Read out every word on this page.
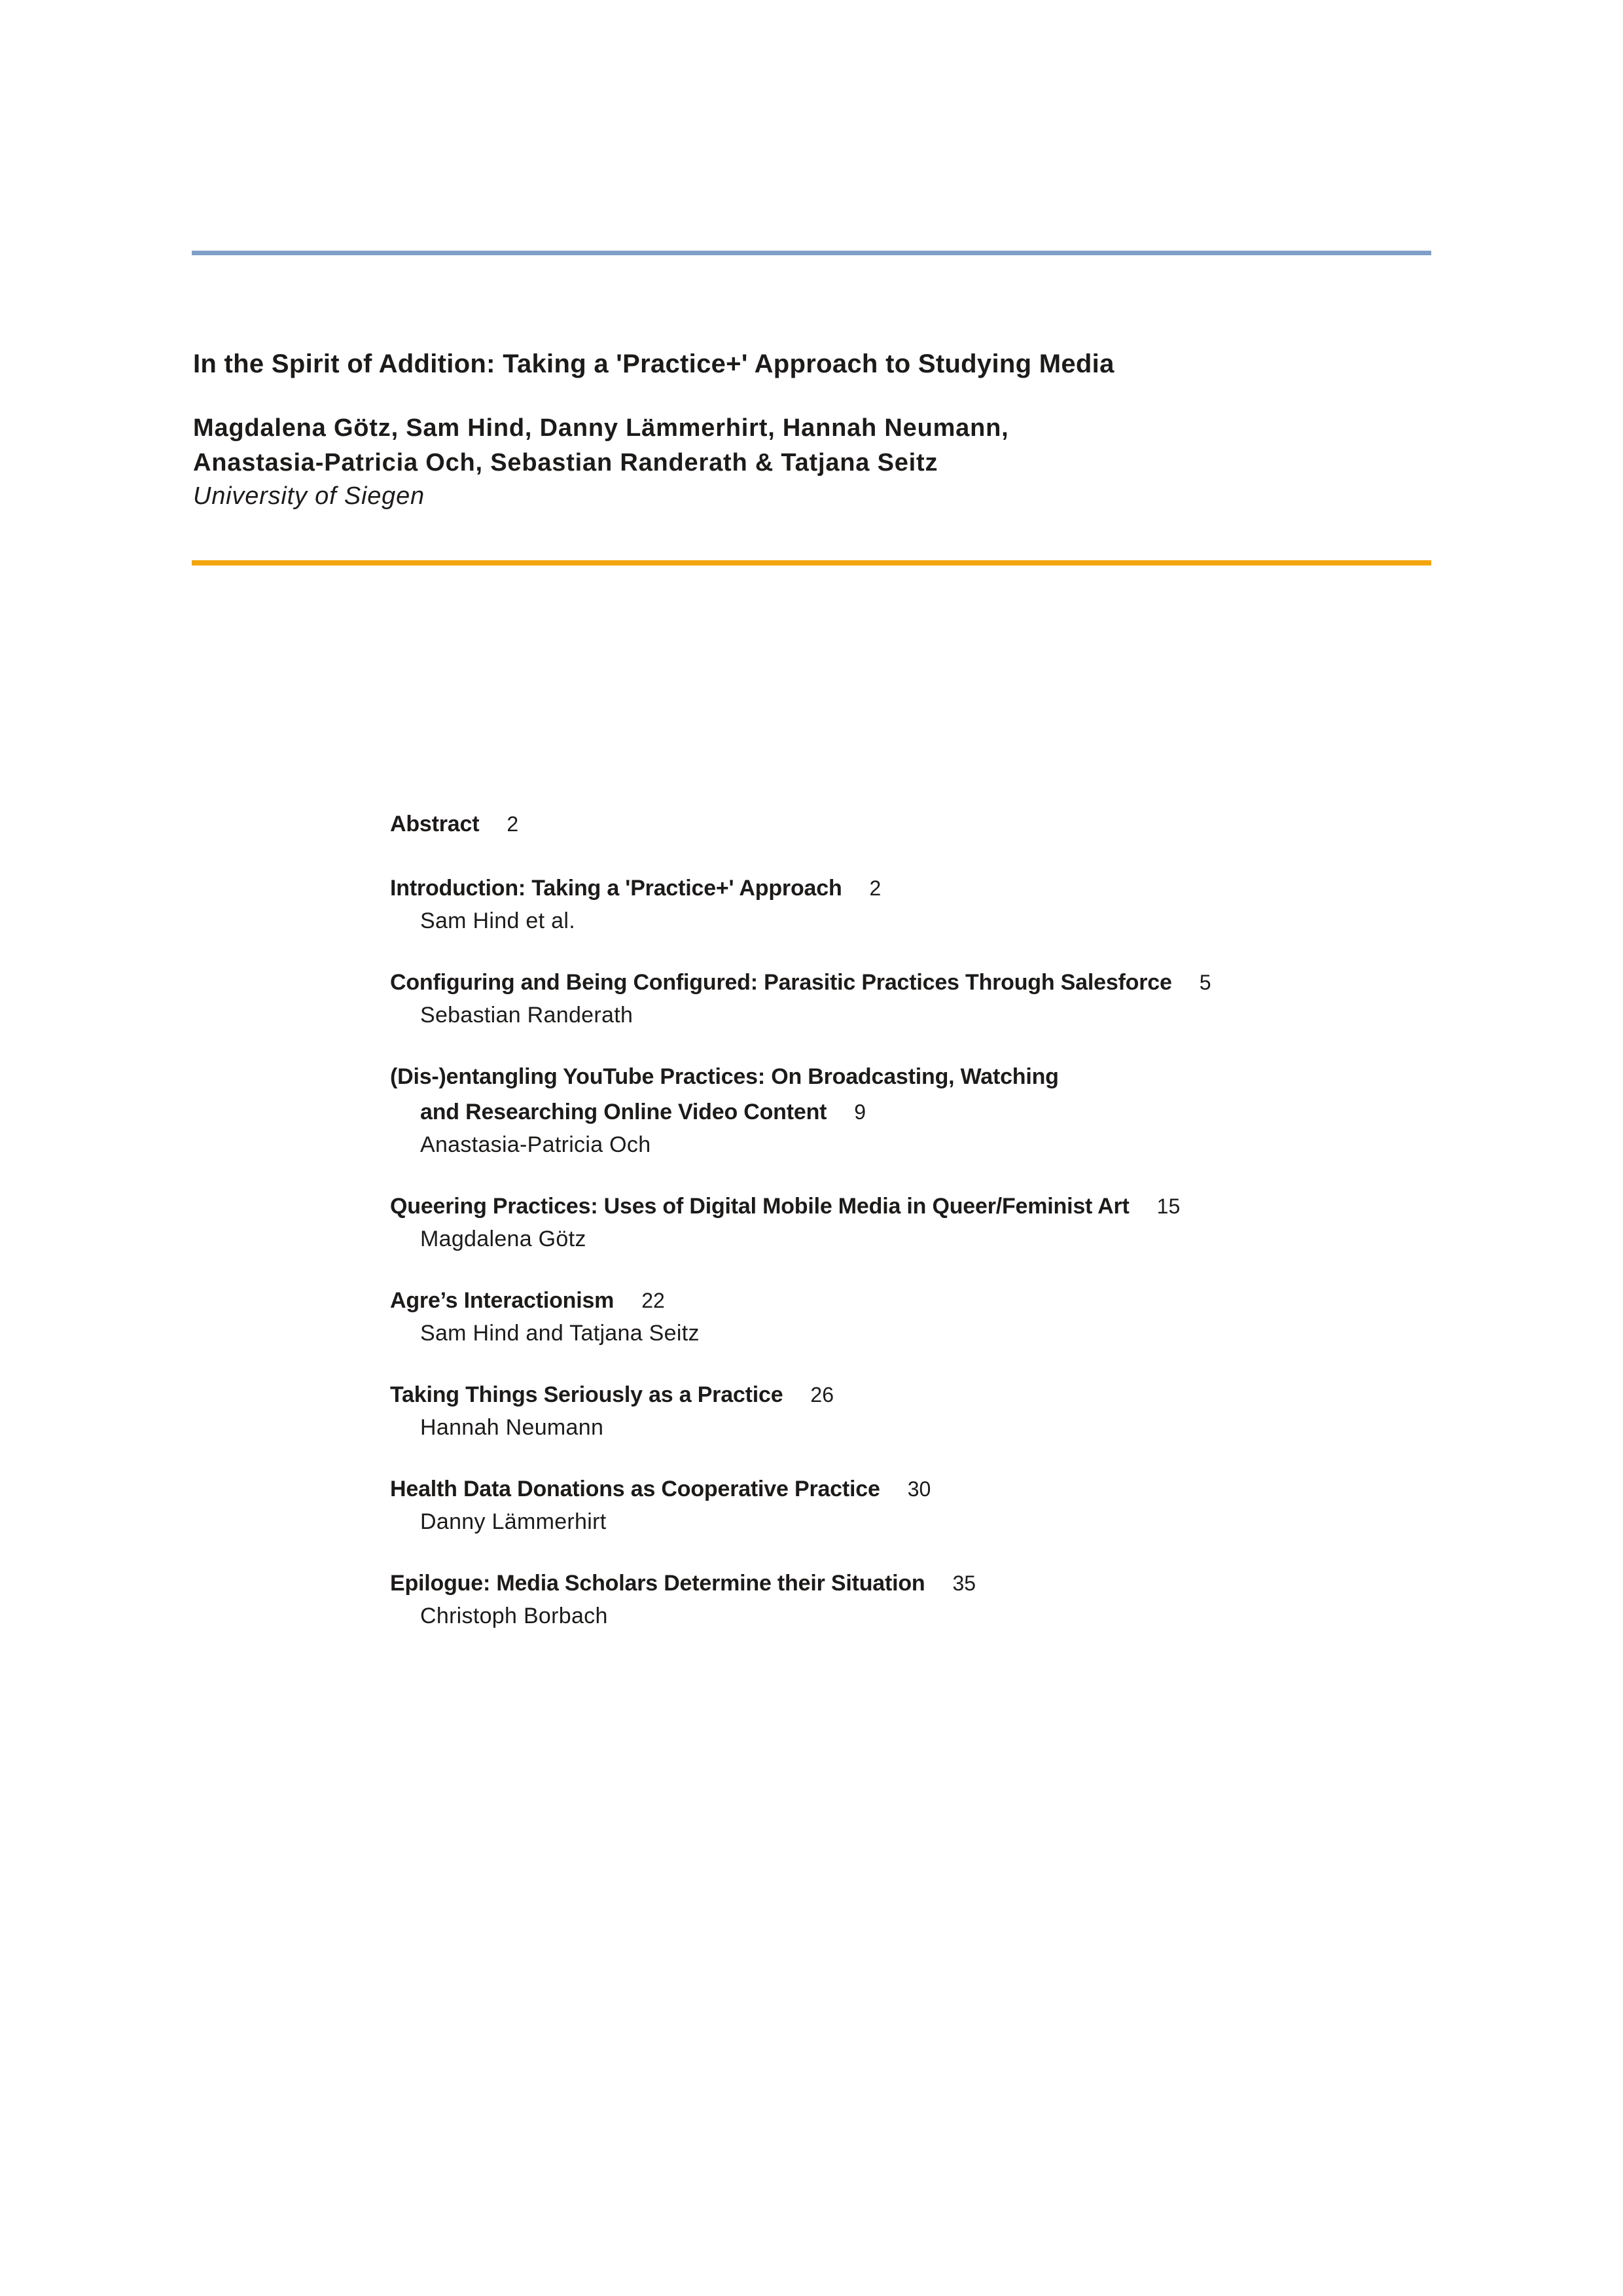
In the Spirit of Addition: Taking a 'Practice+' Approach to Studying Media
Magdalena Götz, Sam Hind, Danny Lämmerhirt, Hannah Neumann,
Anastasia-Patricia Och, Sebastian Randerath & Tatjana Seitz
University of Siegen
Abstract 2
Introduction: Taking a 'Practice+' Approach 2
Sam Hind et al.
Configuring and Being Configured: Parasitic Practices Through Salesforce 5
Sebastian Randerath
(Dis-)entangling YouTube Practices: On Broadcasting, Watching
and Researching Online Video Content 9
Anastasia-Patricia Och
Queering Practices: Uses of Digital Mobile Media in Queer/Feminist Art 15
Magdalena Götz
Agre’s Interactionism 22
Sam Hind and Tatjana Seitz
Taking Things Seriously as a Practice 26
Hannah Neumann
Health Data Donations as Cooperative Practice 30
Danny Lämmerhirt
Epilogue: Media Scholars Determine their Situation 35
Christoph Borbach
